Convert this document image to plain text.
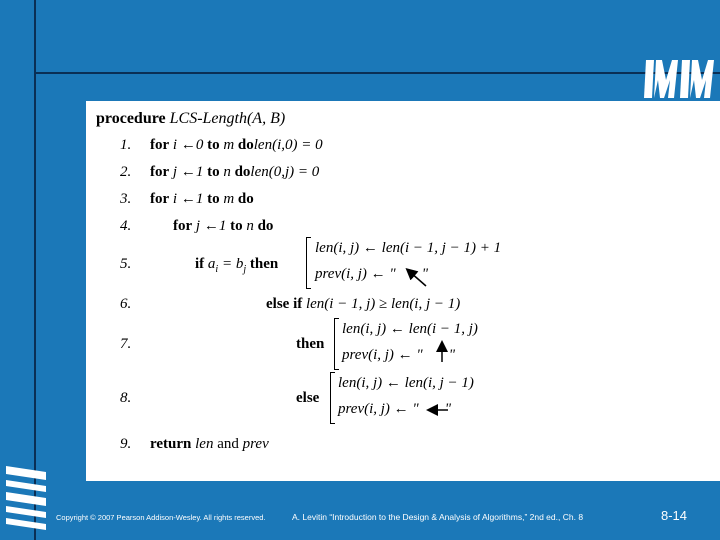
procedure LCS-Length(A, B)
1. for i ←0 to m dolen(i,0) = 0
2. for j ←1 to n dolen(0,j) = 0
3. for i ←1 to m do
4.	for j ←1 to n do
5.	if $a_i = b_j$ then
len(i, j) ← len(i − 1, j − 1) + 1
prev(i, j) ← " "
6.	else if len(i − 1, j) ≥ len(i, j − 1)
7.	then
len(i, j) ← len(i − 1, j)
prev(i, j) ← " "
8.	else
len(i, j) ← len(i, j − 1)
prev(i, j) ← " "
9. return len and prev
Copyright © 2007 Pearson Addison-Wesley. All rights reserved.	A. Levitin “Introduction to the Design & Analysis of Algorithms,” 2nd ed., Ch. 8	8-14
